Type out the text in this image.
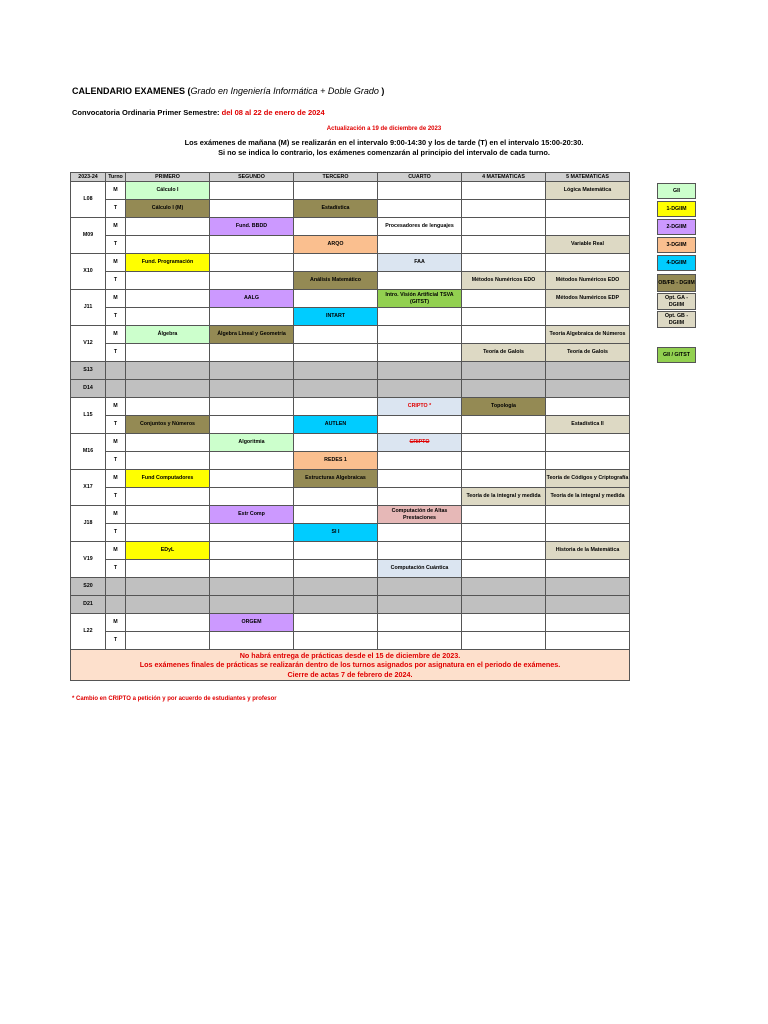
CALENDARIO EXAMENES (Grado en Ingeniería Informática + Doble Grado )
Convocatoria Ordinaria Primer Semestre: del 08 al 22 de enero de 2024
Actualización a 19 de diciembre de 2023
Los exámenes de mañana (M) se realizarán en el intervalo 9:00-14:30 y los de tarde (T) en el intervalo 15:00-20:30.
Si no se indica lo contrario, los exámenes comenzarán al principio del intervalo de cada turno.
2023-24	Turno	PRIMERO	SEGUNDO	TERCERO	CUARTO	4 MATEMATICAS	5 MATEMATICAS
L08	M	Cálculo I					Lógica Matemática
	T	Cálculo I (M)		Estadística			
M09	M		Fund. BBDD		Procesadores de lenguajes		
	T			ARQO			Variable Real
X10	M	Fund. Programación			FAA		
	T			Análisis Matemático		Métodos Numéricos EDO	Métodos Numéricos EDO
J11	M		AALG		Intro. Visión Artificial TSVA (GITST)		Métodos Numéricos EDP
	T			INTART			
V12	M	Álgebra	Álgebra Lineal y Geometría				Teoría Algebraica de Números
	T					Teoría de Galois	Teoría de Galois
S13							
D14							
L15	M				CRIPTO *	Topología	
	T	Conjuntos y Números		AUTLEN			Estadística II
M16	M		Algoritmia		CRIPTO		
	T			REDES 1			
X17	M	Fund Computadores		Estructuras Algebraicas			Teoría de Códigos y Criptografía
	T					Teoría de la integral y medida	Teoría de la integral y medida
J18	M		Estr Comp		Computación de Altas Prestaciones		
	T			SI I			
V19	M	EDyL					Historia de la Matemática
	T				Computación Cuántica		
S20							
D21							
L22	M		ORGEM				
	T						

No habrá entrega de prácticas desde el 15 de diciembre de 2023.
Los exámenes finales de prácticas se realizarán dentro de los turnos asignados por asignatura en el periodo de exámenes.
Cierre de actas 7 de febrero de 2024.							
GII
1-DGIIM
2-DGIIM
3-DGIIM
4-DGIIM
OB/FB - DGIIM
Opt. GA - DGIIM
Opt. GB - DGIIM
GII / GITST
* Cambio en CRIPTO a petición y por acuerdo de estudiantes y profesor
